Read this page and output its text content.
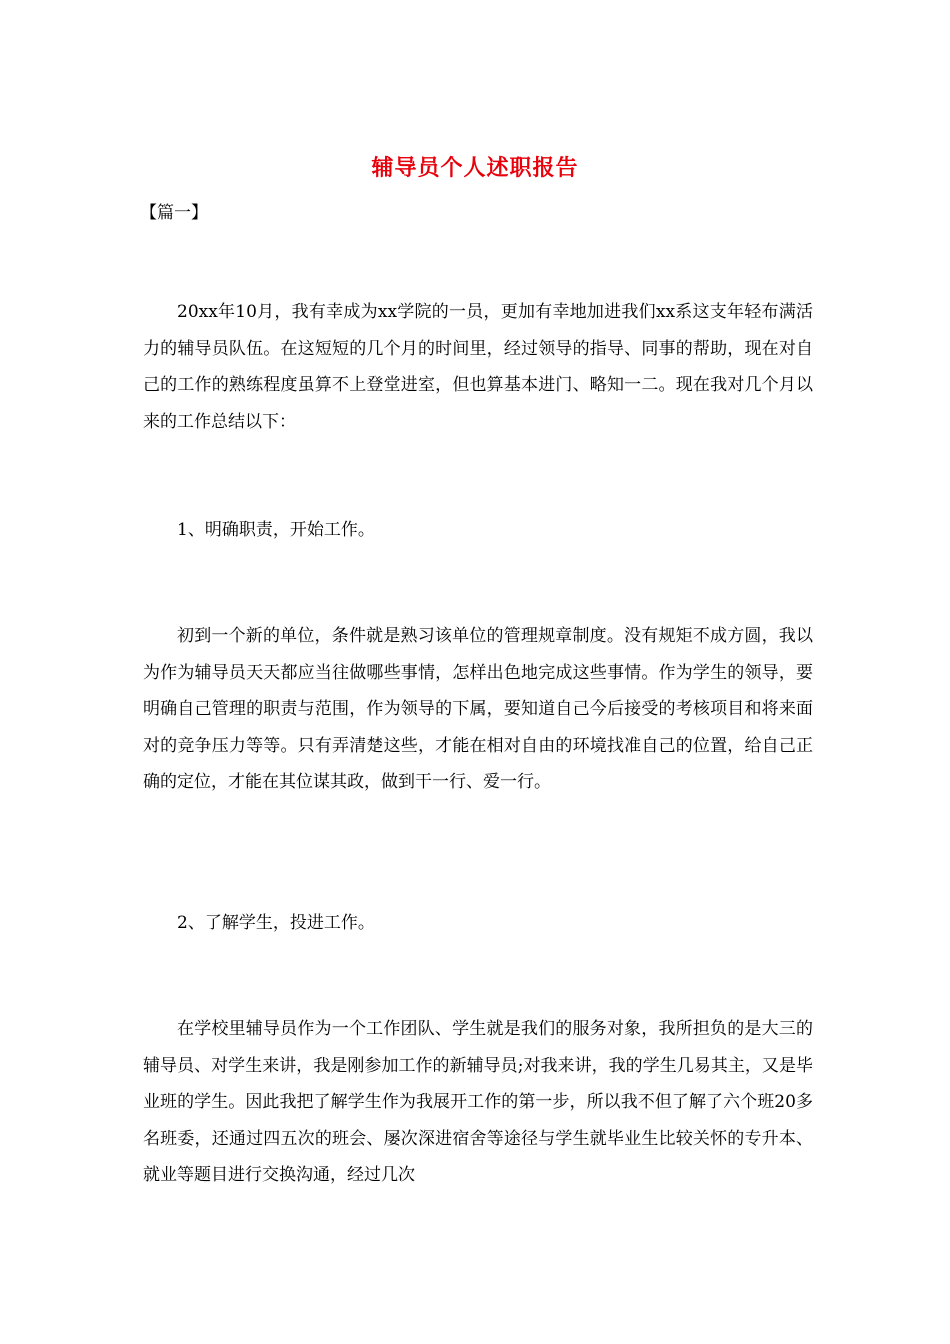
辅导员个人述职报告
【篇一】

20xx年10月，我有幸成为xx学院的一员，更加有幸地加进我们xx系这支年轻布满活力的辅导员队伍。在这短短的几个月的时间里，经过领导的指导、同事的帮助，现在对自己的工作的熟练程度虽算不上登堂进室，但也算基本进门、略知一二。现在我对几个月以来的工作总结以下：

1、明确职责，开始工作。

初到一个新的单位，条件就是熟习该单位的管理规章制度。没有规矩不成方圆，我以为作为辅导员天天都应当往做哪些事情，怎样出色地完成这些事情。作为学生的领导，要明确自己管理的职责与范围，作为领导的下属，要知道自己今后接受的考核项目和将来面对的竞争压力等等。只有弄清楚这些，才能在相对自由的环境找准自己的位置，给自己正确的定位，才能在其位谋其政，做到干一行、爱一行。

2、了解学生，投进工作。

在学校里辅导员作为一个工作团队、学生就是我们的服务对象，我所担负的是大三的辅导员、对学生来讲，我是刚参加工作的新辅导员;对我来讲，我的学生几易其主，又是毕业班的学生。因此我把了解学生作为我展开工作的第一步，所以我不但了解了六个班20多名班委，还通过四五次的班会、屡次深进宿舍等途径与学生就毕业生比较关怀的专升本、就业等题目进行交换沟通，经过几次
